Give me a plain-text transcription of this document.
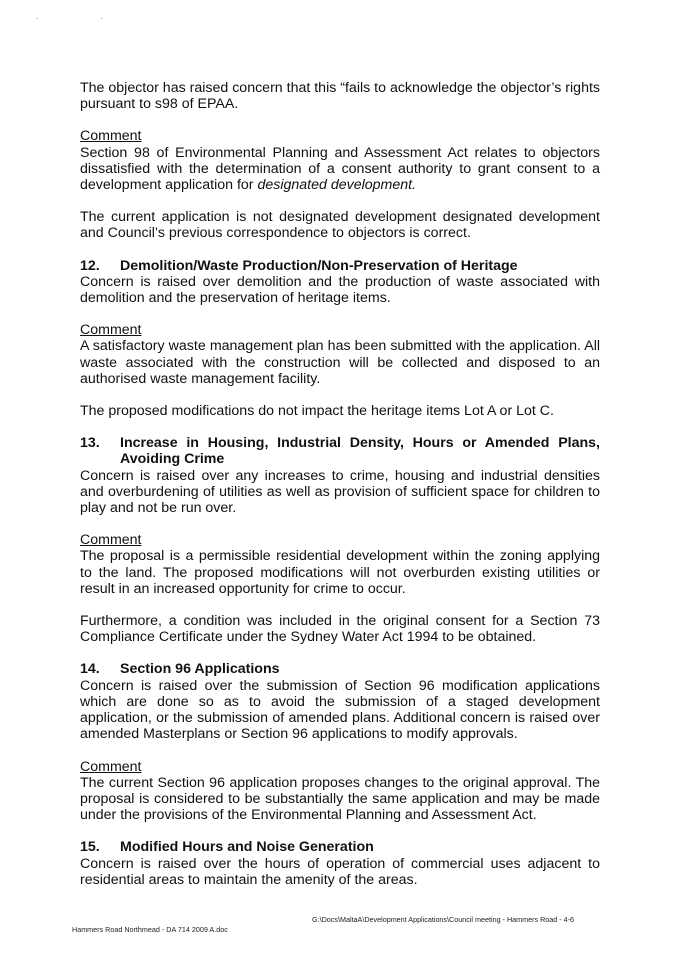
. .

The objector has raised concern that this “fails to acknowledge the objector’s rights pursuant to s98 of EPAA.

Comment

Section 98 of Environmental Planning and Assessment Act relates to objectors dissatisfied with the determination of a consent authority to grant consent to a development application for designated development.

The current application is not designated development designated development and Council’s previous correspondence to objectors is correct.

12.	Demolition/Waste Production/Non-Preservation of Heritage

Concern is raised over demolition and the production of waste associated with demolition and the preservation of heritage items.

Comment

A satisfactory waste management plan has been submitted with the application. All waste associated with the construction will be collected and disposed to an authorised waste management facility.

The proposed modifications do not impact the heritage items Lot A or Lot C.

13.	Increase in Housing, Industrial Density, Hours or Amended Plans, Avoiding Crime

Concern is raised over any increases to crime, housing and industrial densities and overburdening of utilities as well as provision of sufficient space for children to play and not be run over.

Comment

The proposal is a permissible residential development within the zoning applying to the land. The proposed modifications will not overburden existing utilities or result in an increased opportunity for crime to occur.

Furthermore, a condition was included in the original consent for a Section 73 Compliance Certificate under the Sydney Water Act 1994 to be obtained.

14.	Section 96 Applications

Concern is raised over the submission of Section 96 modification applications which are done so as to avoid the submission of a staged development application, or the submission of amended plans. Additional concern is raised over amended Masterplans or Section 96 applications to modify approvals.

Comment

The current Section 96 application proposes changes to the original approval. The proposal is considered to be substantially the same application and may be made under the provisions of the Environmental Planning and Assessment Act.

15.	Modified Hours and Noise Generation

Concern is raised over the hours of operation of commercial uses adjacent to residential areas to maintain the amenity of the areas.

Hammers Road Northmead - DA 714 2009 A.doc
G:\Docs\MaltaA\Development Applications\Council meeting - Hammers Road - 4-6
